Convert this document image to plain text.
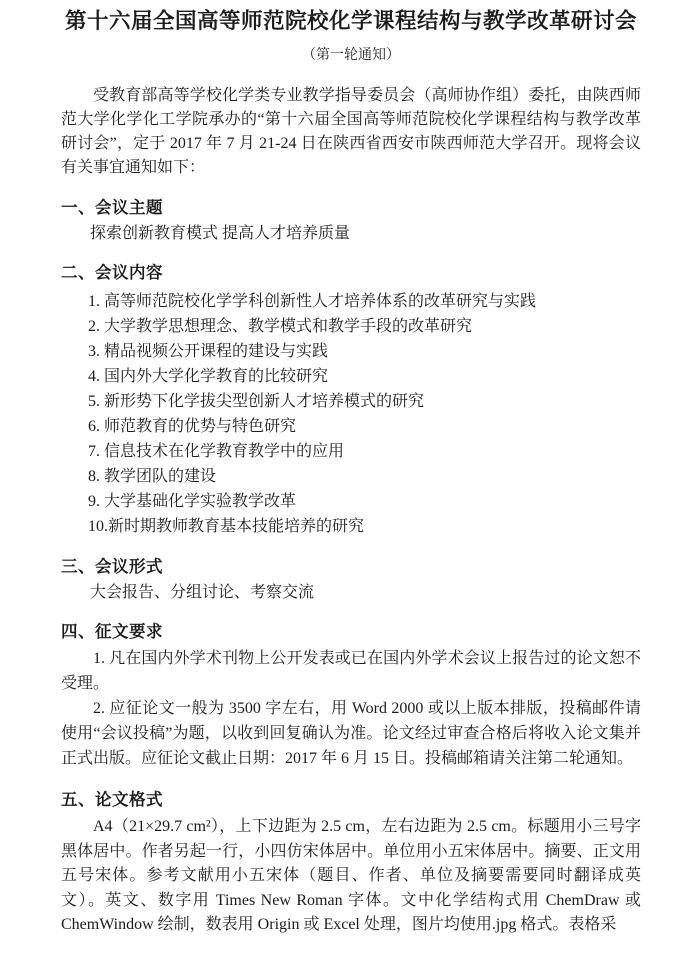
第十六届全国高等师范院校化学课程结构与教学改革研讨会
（第一轮通知）

受教育部高等学校化学类专业教学指导委员会（高师协作组）委托，由陕西师范大学化学化工学院承办的“第十六届全国高等师范院校化学课程结构与教学改革研讨会”，定于 2017 年 7 月 21-24 日在陕西省西安市陕西师范大学召开。现将会议有关事宜通知如下：

一、会议主题
探索创新教育模式 提高人才培养质量
二、会议内容
1. 高等师范院校化学学科创新性人才培养体系的改革研究与实践
2. 大学教学思想理念、教学模式和教学手段的改革研究
3. 精品视频公开课程的建设与实践
4. 国内外大学化学教育的比较研究
5. 新形势下化学拔尖型创新人才培养模式的研究
6. 师范教育的优势与特色研究
7. 信息技术在化学教育教学中的应用
8. 教学团队的建设
9. 大学基础化学实验教学改革
10.新时期教师教育基本技能培养的研究
三、会议形式
大会报告、分组讨论、考察交流
四、征文要求

1. 凡在国内外学术刊物上公开发表或已在国内外学术会议上报告过的论文恕不受理。

2. 应征论文一般为 3500 字左右，用 Word 2000 或以上版本排版，投稿邮件请使用“会议投稿”为题，以收到回复确认为准。论文经过审查合格后将收入论文集并正式出版。应征论文截止日期：2017 年 6 月 15 日。投稿邮箱请关注第二轮通知。

五、论文格式

A4（21×29.7 cm²），上下边距为 2.5 cm，左右边距为 2.5 cm。标题用小三号字黑体居中。作者另起一行，小四仿宋体居中。单位用小五宋体居中。摘要、正文用五号宋体。参考文献用小五宋体（题目、作者、单位及摘要需要同时翻译成英文）。英文、数字用 Times New Roman 字体。文中化学结构式用 ChemDraw 或 ChemWindow 绘制，数表用 Origin 或 Excel 处理，图片均使用.jpg 格式。表格采
